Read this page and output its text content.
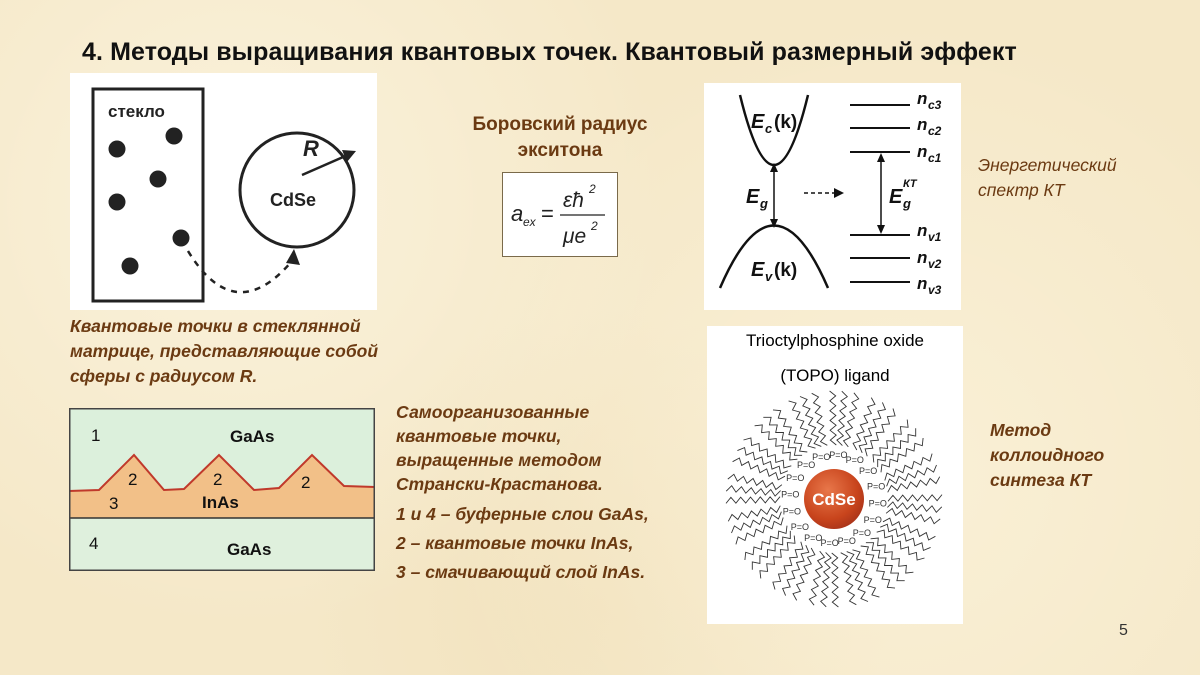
4. Методы выращивания квантовых точек. Квантовый размерный эффект
стекло
R
CdSe
Квантовые точки в стеклянной
матрице, представляющие собой
сферы с радиусом R.
Боровский радиус
экситона
a ex
εħ 2
μe 2
=
E c
E v
E g	E g
КТ
(k)
(k)
n c3
n c2
n c1
n v1
n v2
n v3
Энергетический
спектр КТ
1	GaAs
2	2	2
3	InAs
4	GaAs
Самоорганизованные
квантовые точки,
выращенные методом
Странски-Крастанова.
1 и 4 – буферные слои GaAs,
2 – квантовые точки InAs,
3 – смачивающий слой InAs.
Trioctylphosphine oxide
(TOPO) ligand
P=O
P=O
P=O
P=O
P=O
P=O
P=O
P=O
P=O
P=O
P=O
P=O
P=O
P=O
P=O
P=O
CdSe
Метод
коллоидного
синтеза КТ
5
